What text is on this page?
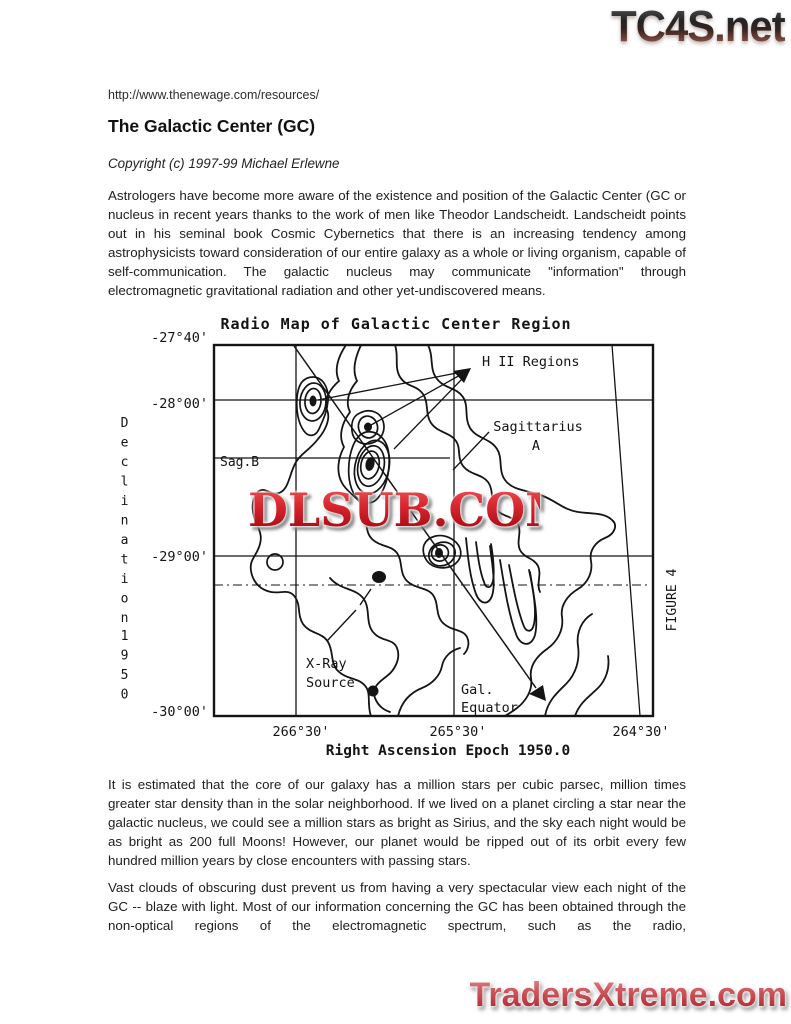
TC4S.net
http://www.thenewage.com/resources/
The Galactic Center (GC)
Copyright (c) 1997-99 Michael Erlewne
Astrologers have become more aware of the existence and position of the Galactic Center (GC or nucleus in recent years thanks to the work of men like Theodor Landscheidt. Landscheidt points out in his seminal book Cosmic Cybernetics that there is an increasing tendency among astrophysicists toward consideration of our entire galaxy as a whole or living organism, capable of self-communication. The galactic nucleus may communicate "information" through electromagnetic gravitational radiation and other yet-undiscovered means.
Radio Map of Galactic Center Region
H II Regions
Sagittarius
A
Sag.B
X-Ray
Source	Gal.
Equator
FIGURE 4
-27°40'
-28°00'
-29°00'
-30°00'
266°30'	265°30'	264°30'
Right Ascension Epoch 1950.0
Declination
1950
DLSUB.COM
It is estimated that the core of our galaxy has a million stars per cubic parsec, million times greater star density than in the solar neighborhood. If we lived on a planet circling a star near the galactic nucleus, we could see a million stars as bright as Sirius, and the sky each night would be as bright as 200 full Moons! However, our planet would be ripped out of its orbit every few hundred million years by close encounters with passing stars.
Vast clouds of obscuring dust prevent us from having a very spectacular view each night of the GC -- blaze with light. Most of our information concerning the GC has been obtained through the non-optical regions of the electromagnetic spectrum, such as the radio,
TradersXtreme.com
